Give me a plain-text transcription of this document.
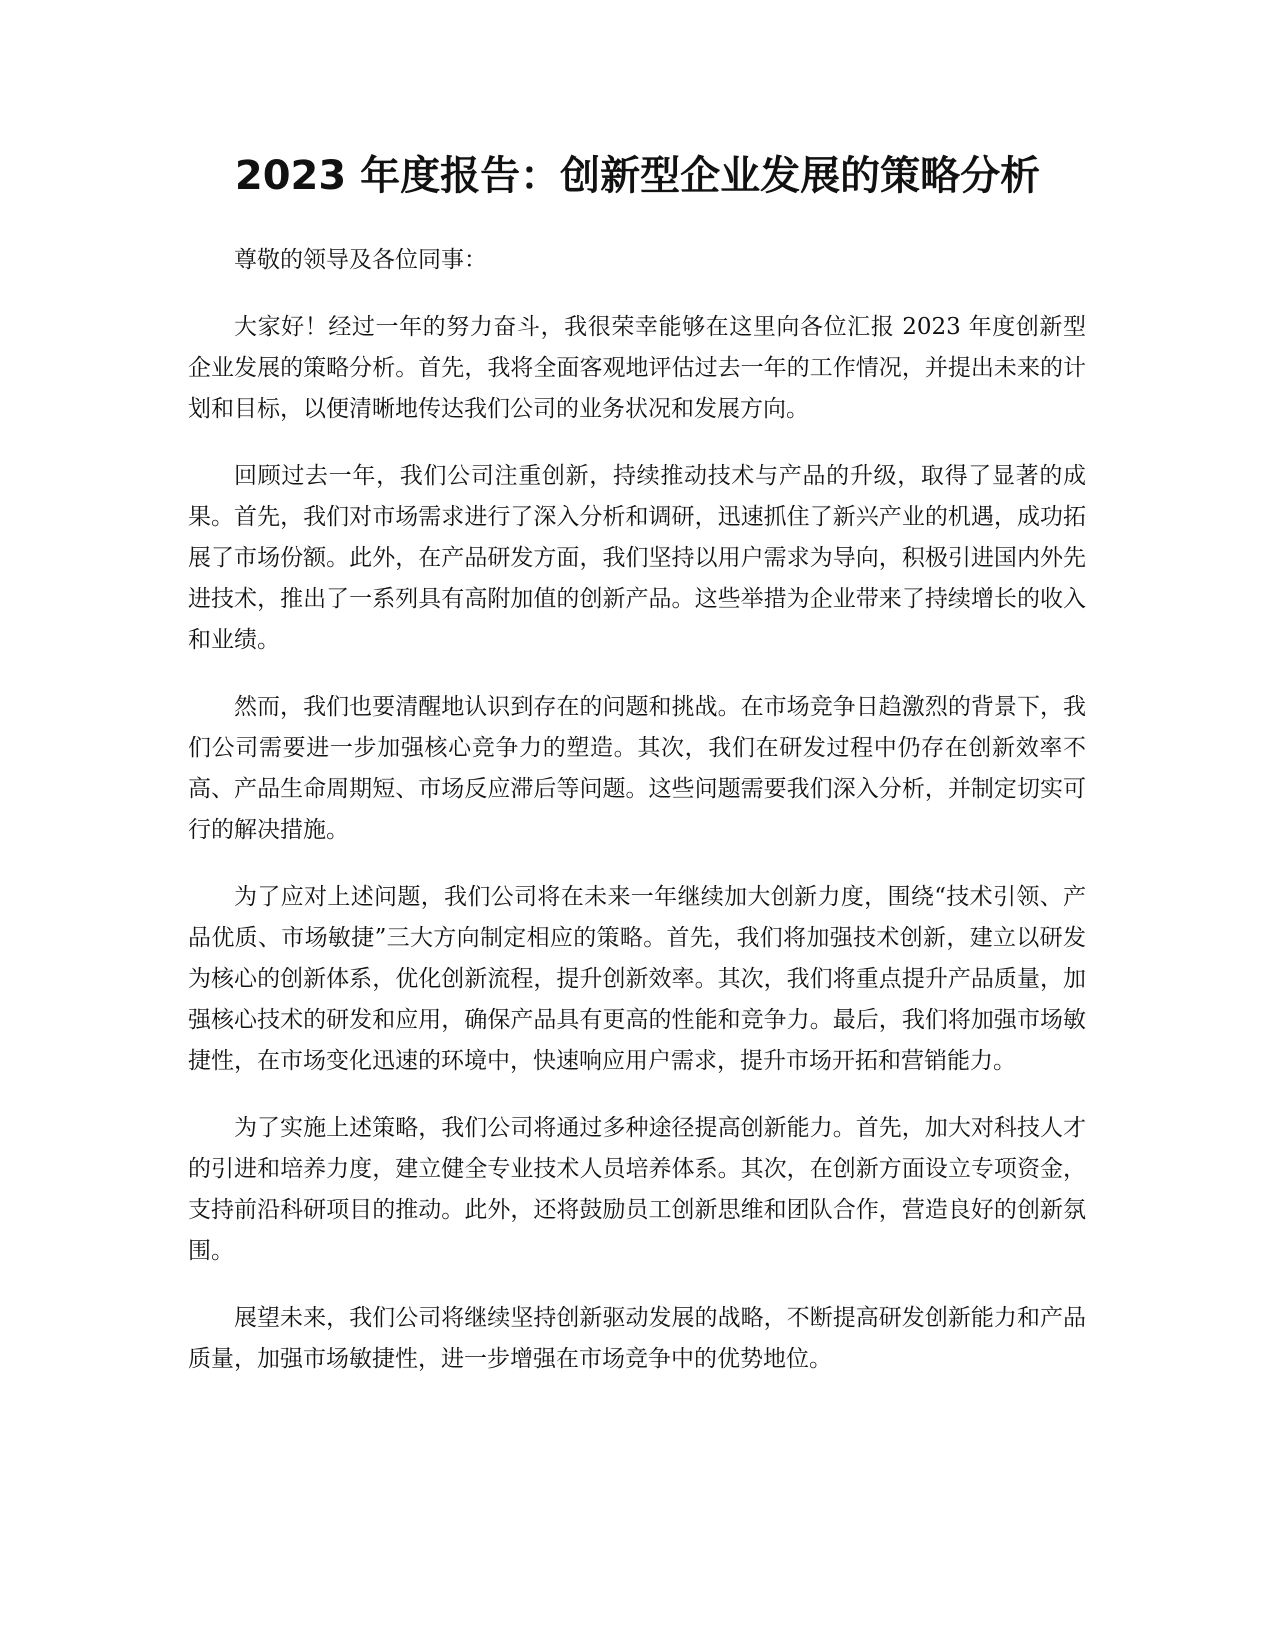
2023 年度报告：创新型企业发展的策略分析

尊敬的领导及各位同事：

大家好！经过一年的努力奋斗，我很荣幸能够在这里向各位汇报 2023 年度创新型企业发展的策略分析。首先，我将全面客观地评估过去一年的工作情况，并提出未来的计划和目标，以便清晰地传达我们公司的业务状况和发展方向。

回顾过去一年，我们公司注重创新，持续推动技术与产品的升级，取得了显著的成果。首先，我们对市场需求进行了深入分析和调研，迅速抓住了新兴产业的机遇，成功拓展了市场份额。此外，在产品研发方面，我们坚持以用户需求为导向，积极引进国内外先进技术，推出了一系列具有高附加值的创新产品。这些举措为企业带来了持续增长的收入和业绩。

然而，我们也要清醒地认识到存在的问题和挑战。在市场竞争日趋激烈的背景下，我们公司需要进一步加强核心竞争力的塑造。其次，我们在研发过程中仍存在创新效率不高、产品生命周期短、市场反应滞后等问题。这些问题需要我们深入分析，并制定切实可行的解决措施。

为了应对上述问题，我们公司将在未来一年继续加大创新力度，围绕“技术引领、产品优质、市场敏捷”三大方向制定相应的策略。首先，我们将加强技术创新，建立以研发为核心的创新体系，优化创新流程，提升创新效率。其次，我们将重点提升产品质量，加强核心技术的研发和应用，确保产品具有更高的性能和竞争力。最后，我们将加强市场敏捷性，在市场变化迅速的环境中，快速响应用户需求，提升市场开拓和营销能力。

为了实施上述策略，我们公司将通过多种途径提高创新能力。首先，加大对科技人才的引进和培养力度，建立健全专业技术人员培养体系。其次，在创新方面设立专项资金，支持前沿科研项目的推动。此外，还将鼓励员工创新思维和团队合作，营造良好的创新氛围。

展望未来，我们公司将继续坚持创新驱动发展的战略，不断提高研发创新能力和产品质量，加强市场敏捷性，进一步增强在市场竞争中的优势地位。
